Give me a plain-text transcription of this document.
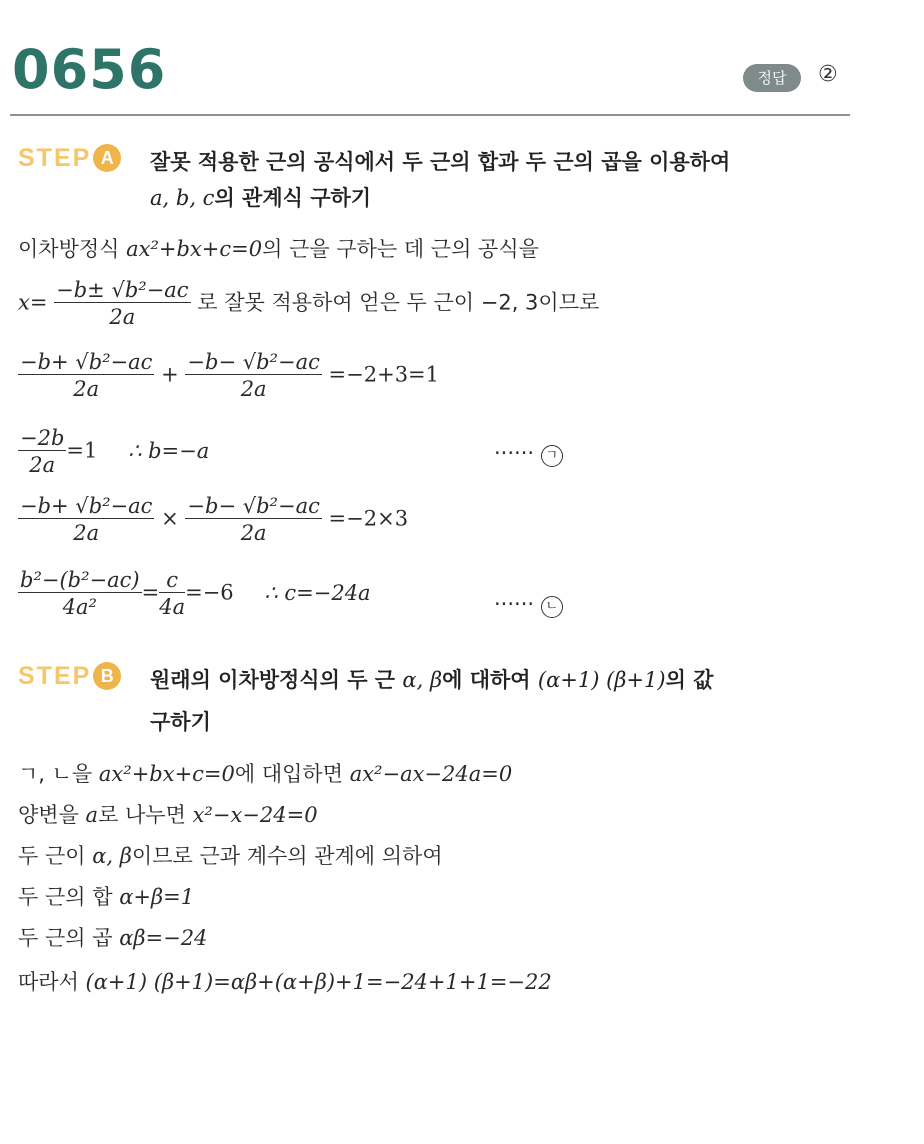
0656	정답	②
STEP A	잘못 적용한 근의 공식에서 두 근의 합과 두 근의 곱을 이용하여
a, b, c의 관계식 구하기
이차방정식 ax²+bx+c=0의 근을 구하는 데 근의 공식을
$x= \frac{\text{−b± √b²−ac}}{2a}$ 로 잘못 적용하여 얻은 두 근이 −2, 3이므로
$\frac{\text{−b+ √b²−ac}}{2a} + \frac{\text{−b− √b²−ac}}{2a} =-2+3=1$
$\frac{-2b}{2a} =1$ ∴ b=−a	······ ㄱ
$\frac{\text{−b+ √b²−ac}}{2a} \times \frac{\text{−b− √b²−ac}}{2a} =-2\times 3$
$\frac{\text{b²−(b²−ac)}}{\text{4a²}} = \frac{c}{4a} =-6$ ∴ c=−24a	······ ㄴ
STEP B	원래의 이차방정식의 두 근 α, β에 대하여 (α+1) (β+1)의 값
구하기
ㄱ, ㄴ을 ax²+bx+c=0에 대입하면 ax²−ax−24a=0
양변을 a로 나누면 x²−x−24=0
두 근이 α, β이므로 근과 계수의 관계에 의하여
두 근의 합 α+β=1
두 근의 곱 αβ=−24
따라서 (α+1) (β+1)=αβ+(α+β)+1=−24+1+1=−22
